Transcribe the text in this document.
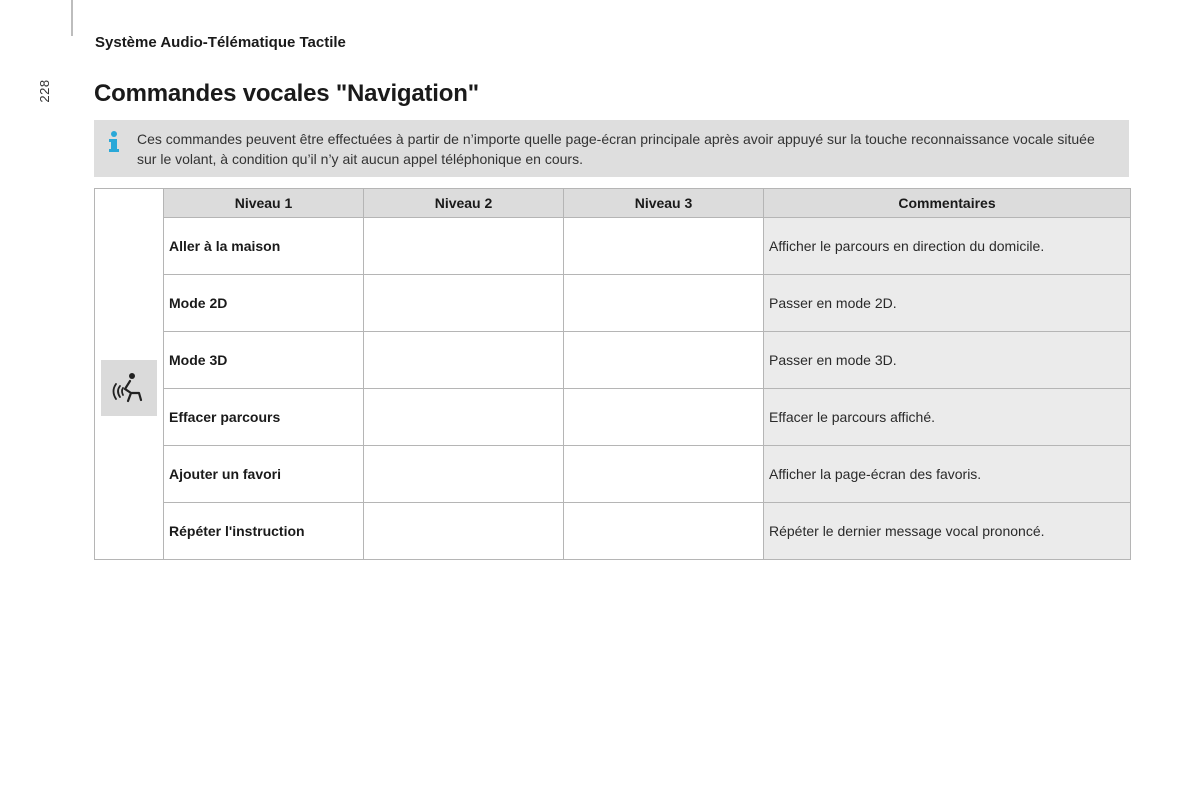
Système Audio-Télématique Tactile
228 Commandes vocales "Navigation"
Ces commandes peuvent être effectuées à partir de n’importe quelle page-écran principale après avoir appuyé sur la touche reconnaissance vocale située sur le volant, à condition qu’il n’y ait aucun appel téléphonique en cours.
	Niveau 1	Niveau 2	Niveau 3	Commentaires

	Aller à la maison			Afficher le parcours en direction du domicile.
	Mode 2D			Passer en mode 2D.
	Mode 3D			Passer en mode 3D.
	Effacer parcours			Effacer le parcours affiché.
	Ajouter un favori			Afficher la page-écran des favoris.
	Répéter l'instruction			Répéter le dernier message vocal prononcé.
